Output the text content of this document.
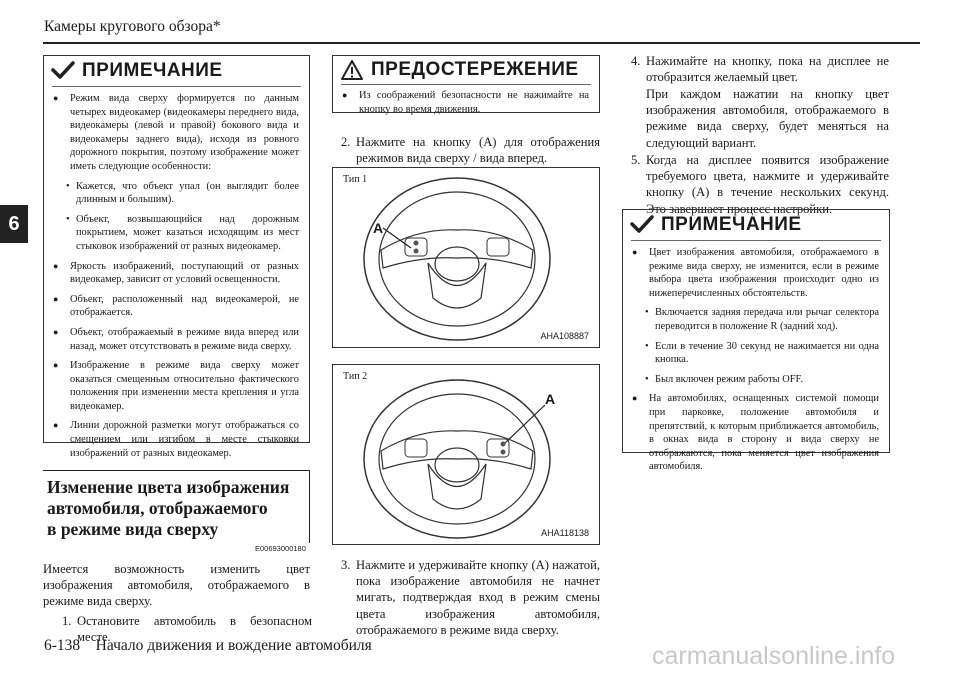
Камеры кругового обзора*
6
ПРИМЕЧАНИЕ
● Режим вида сверху формируется по данным четырех видеокамер (видеокамеры переднего вида, видеокамеры (левой и правой) бокового вида и видеокамеры заднего вида), исходя из ровного дорожного покрытия, поэтому изображение может иметь следующие особенности:
• Кажется, что объект упал (он выглядит более длинным и большим).
• Объект, возвышающийся над дорожным покрытием, может казаться исходящим из мест стыковок изображений от разных видеокамер.
● Яркость изображений, поступающий от разных видеокамер, зависит от условий освещенности.
● Объект, расположенный над видеокамерой, не отображается.
● Объект, отображаемый в режиме вида вперед или назад, может отсутствовать в режиме вида сверху.
● Изображение в режиме вида сверху может оказаться смещенным относительно фактического положения при изменении места крепления и угла видеокамер.
● Линии дорожной разметки могут отображаться со смещением или изгибом в месте стыковки изображений от разных видеокамер.
Изменение цвета изображения
автомобиля, отображаемого
в режиме вида сверху
E00693000180
Имеется возможность изменить цвет изображения автомобиля, отображаемого в режиме вида сверху.
1. Остановите автомобиль в безопасном месте.
ПРЕДОСТЕРЕЖЕНИЕ
● Из соображений безопасности не нажимайте на кнопку во время движения.
2. Нажмите на кнопку (A) для отображения режимов вида сверху / вида вперед.
Тип 1
A
AHA108887
Тип 2
A
AHA118138
3. Нажмите и удерживайте кнопку (A) нажатой, пока изображение автомобиля не начнет мигать, подтверждая вход в режим смены цвета изображения автомобиля, отображаемого в режиме вида сверху.
4. Нажимайте на кнопку, пока на дисплее не отобразится желаемый цвет.
При каждом нажатии на кнопку цвет изображения автомобиля, отображаемого в режиме вида сверху, будет меняться на следующий вариант.
5. Когда на дисплее появится изображение требуемого цвета, нажмите и удерживайте кнопку (A) в течение нескольких секунд. Это завершает процесс настройки.
ПРИМЕЧАНИЕ
● Цвет изображения автомобиля, отображаемого в режиме вида сверху, не изменится, если в режиме выбора цвета изображения происходит одно из нижеперечисленных обстоятельств.
• Включается задняя передача или рычаг селектора переводится в положение R (задний ход).
• Если в течение 30 секунд не нажимается ни одна кнопка.
• Был включен режим работы OFF.
● На автомобилях, оснащенных системой помощи при парковке, положение автомобиля и препятствий, к которым приближается автомобиль, в окнах вида в сторону и вида сверху не отображаются, пока меняется цвет изображения автомобиля.
6-138 Начало движения и вождение автомобиля	carmanualsonline.info
